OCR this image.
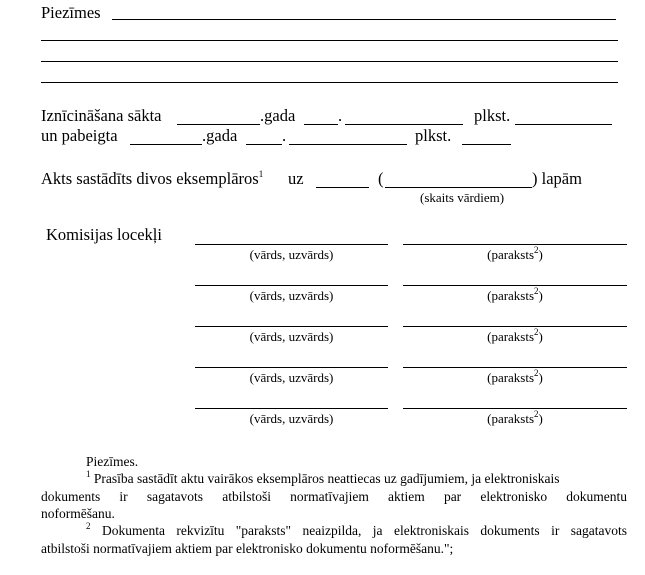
Piezīmes
Iznīcināšana sākta	.gada	.	plkst.
un pabeigta	.gada	.	plkst.
Akts sastādīts divos eksemplāros$^1$ uz	(	) lapām
(skaits vārdiem)
Komisijas locekļi
(vārds, uzvārds)	(paraksts$^2$)
(vārds, uzvārds)	(paraksts$^2$)
(vārds, uzvārds)	(paraksts$^2$)
(vārds, uzvārds)	(paraksts$^2$)
(vārds, uzvārds)	(paraksts$^2$)
Piezīmes.
$^1$ Prasība sastādīt aktu vairākos eksemplāros neattiecas uz gadījumiem, ja elektroniskais
dokuments ir sagatavots atbilstoši normatīvajiem aktiem par elektronisko dokumentu
noformēšanu.
$^2$ Dokumenta rekvizītu "paraksts" neaizpilda, ja elektroniskais dokuments ir sagatavots
atbilstoši normatīvajiem aktiem par elektronisko dokumentu noformēšanu.";
